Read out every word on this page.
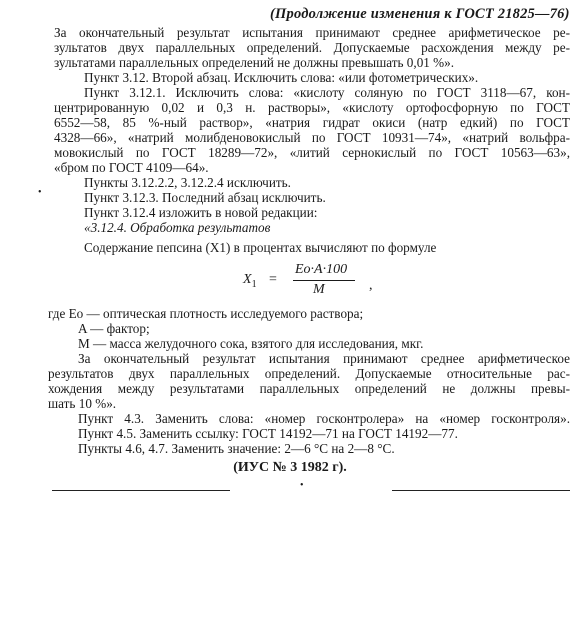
(Продолжение изменения к ГОСТ 21825—76)
За окончательный результат испытания принимают среднее арифметическое ре-
зультатов двух параллельных определений. Допускаемые расхождения между ре-
зультатами параллельных определений не должны превышать 0,01 %».
Пункт 3.12. Второй абзац. Исключить слова: «или фотометрических».
Пункт 3.12.1. Исключить слова: «кислоту соляную по ГОСТ 3118—67, кон-
центрированную 0,02 и 0,3 н. растворы», «кислоту ортофосфорную по ГОСТ
6552—58, 85 %-ный раствор», «натрия гидрат окиси (натр едкий) по ГОСТ
4328—66», «натрий молибденовокислый по ГОСТ 10931—74», «натрий вольфра-
мовокислый по ГОСТ 18289—72», «литий сернокислый по ГОСТ 10563—63»,
«бром по ГОСТ 4109—64».
Пункты 3.12.2.2, 3.12.2.4 исключить.
Пункт 3.12.3. Последний абзац исключить.
Пункт 3.12.4 изложить в новой редакции:
«3.12.4. Обработка результатов
Содержание пепсина (X1) в процентах вычисляют по формуле
$X_1$ =
Eo·A·100
M	,
где Eo — оптическая плотность исследуемого раствора;
A — фактор;
M — масса желудочного сока, взятого для исследования, мкг.
За окончательный результат испытания принимают среднее арифметическое
результатов двух параллельных определений. Допускаемые относительные рас-
хождения между результатами параллельных определений не должны превы-
шать 10 %».
Пункт 4.3. Заменить слова: «номер госконтролера» на «номер госконтроля».
Пункт 4.5. Заменить ссылку: ГОСТ 14192—71 на ГОСТ 14192—77.
Пункты 4.6, 4.7. Заменить значение: 2—6 °С на 2—8 °С.
(ИУС № 3 1982 г).
•
•
